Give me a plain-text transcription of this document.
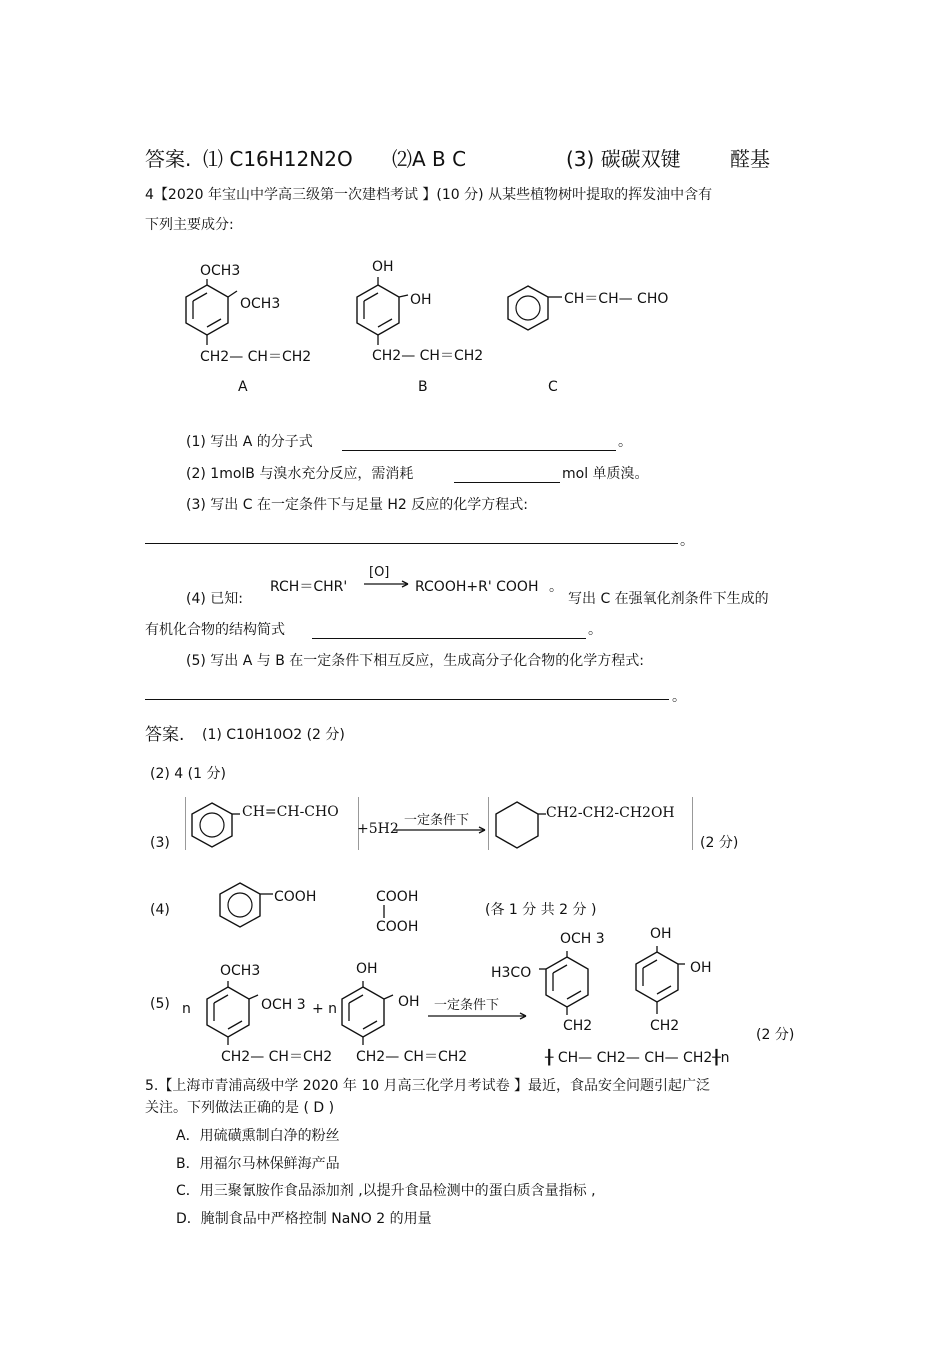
答案. ⑴ C16H12N2O ⑵A B C	(3) 碳碳双键 醛基
4【2020 年宝山中学高三级第一次建档考试 】(10 分) 从某些植物树叶提取的挥发油中含有
下列主要成分:
OCH3
OCH3
CH2— CH＝CH2
A
OH
OH
CH2— CH＝CH2
B
CH＝CH— CHO
C
(1) 写出 A 的分子式	。
(2) 1molB 与溴水充分反应，需消耗	mol 单质溴。
(3) 写出 C 在一定条件下与足量 H2 反应的化学方程式:
。
RCH＝CHR'
[O]
→ RCOOH+R' COOH 。
(4) 已知:	写出 C 在强氧化剂条件下生成的
有机化合物的结构简式	。
(5) 写出 A 与 B 在一定条件下相互反应，生成高分子化合物的化学方程式:
。
答案. (1) C10H10O2 (2 分)
(2) 4 (1 分)
(3)
CH=CH-CHO
+5H2
一定条件下	CH2-CH2-CH2OH
(2 分)
(4)
COOH	COOH
COOH
(各 1 分 共 2 分 )
(5) n
OCH3
OCH 3
CH2— CH＝CH2
+ n
OH
OH
CH2— CH＝CH2
一定条件下
OCH 3
H3CO
CH2
OH
OH
CH2
╂ CH— CH2— CH— CH2╂n
(2 分)
5.【上海市青浦高级中学 2020 年 10 月高三化学月考试卷 】最近，食品安全问题引起广泛
关注。下列做法正确的是 ( D )
A．用硫磺熏制白净的粉丝
B．用福尔马林保鲜海产品
C．用三聚氰胺作食品添加剂 ,以提升食品检测中的蛋白质含量指标 ,
D．腌制食品中严格控制 NaNO 2 的用量
